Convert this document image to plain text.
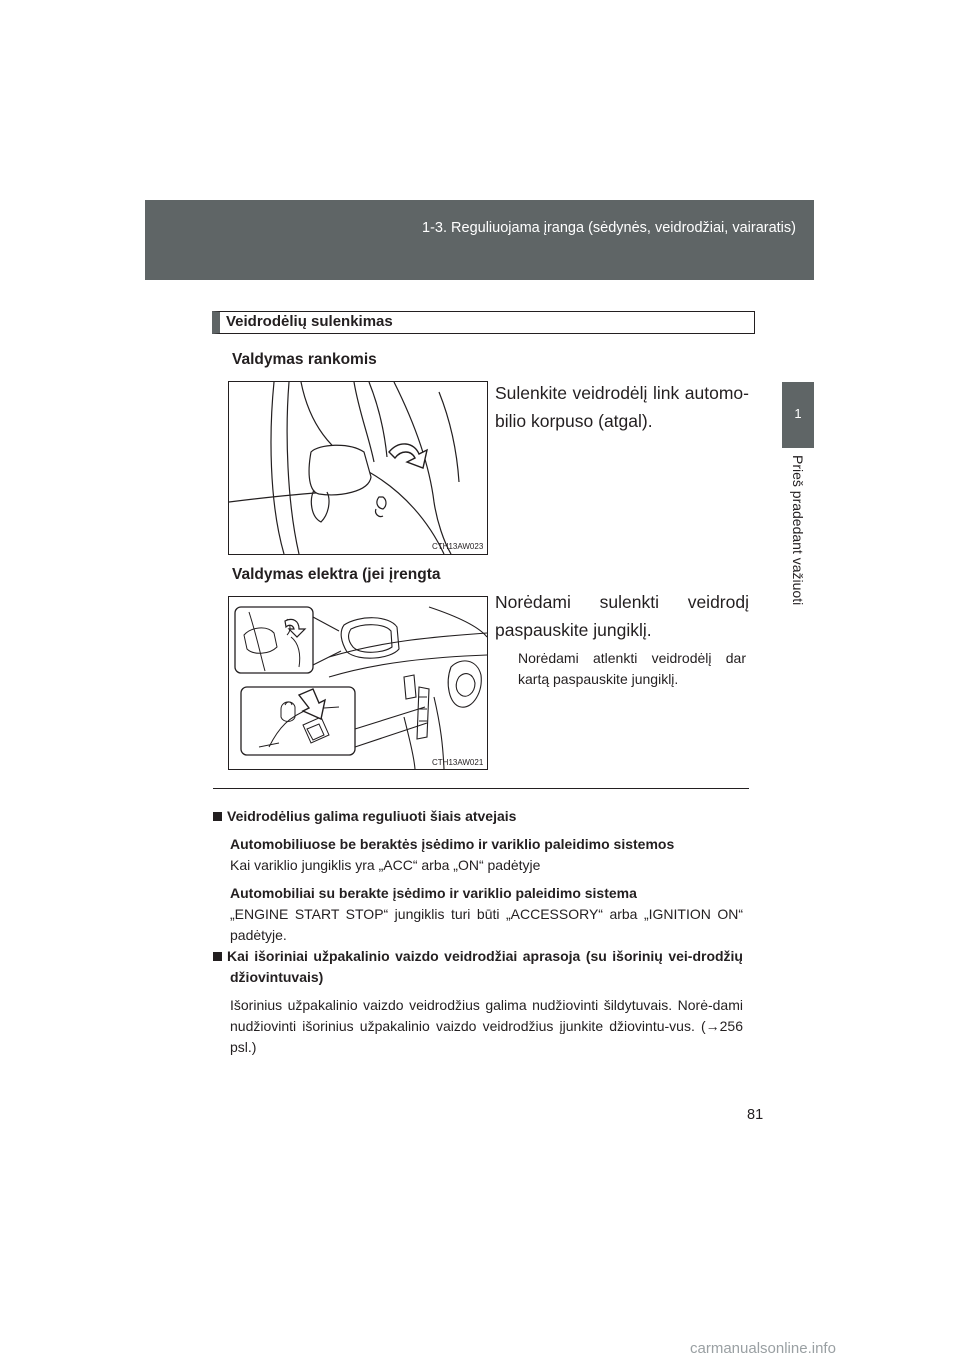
1-3. Reguliuojama įranga (sėdynės, veidrodžiai, vairaratis)
1
Prieš pradedant važiuoti
Veidrodėlių sulenkimas
Valdymas rankomis
CTH13AW023
Sulenkite veidrodėlį link automo-bilio korpuso (atgal).
Valdymas elektra (jei įrengta
CTH13AW021
Norėdami sulenkti veidrodį paspauskite jungiklį.
Norėdami atlenkti veidrodėlį dar kartą paspauskite jungiklį.
Veidrodėlius galima reguliuoti šiais atvejais
Automobiliuose be beraktės įsėdimo ir variklio paleidimo sistemos
Kai variklio jungiklis yra „ACC“ arba „ON“ padėtyje
Automobiliai su berakte įsėdimo ir variklio paleidimo sistema
„ENGINE START STOP“ jungiklis turi būti „ACCESSORY“ arba „IGNITION ON“ padėtyje.
Kai išoriniai užpakalinio vaizdo veidrodžiai aprasoja (su išorinių vei-drodžių džiovintuvais)
Išorinius užpakalinio vaizdo veidrodžius galima nudžiovinti šildytuvais. Norė-dami nudžiovinti išorinius užpakalinio vaizdo veidrodžius įjunkite džiovintu-vus. (→256 psl.)
81
carmanualsonline.info
